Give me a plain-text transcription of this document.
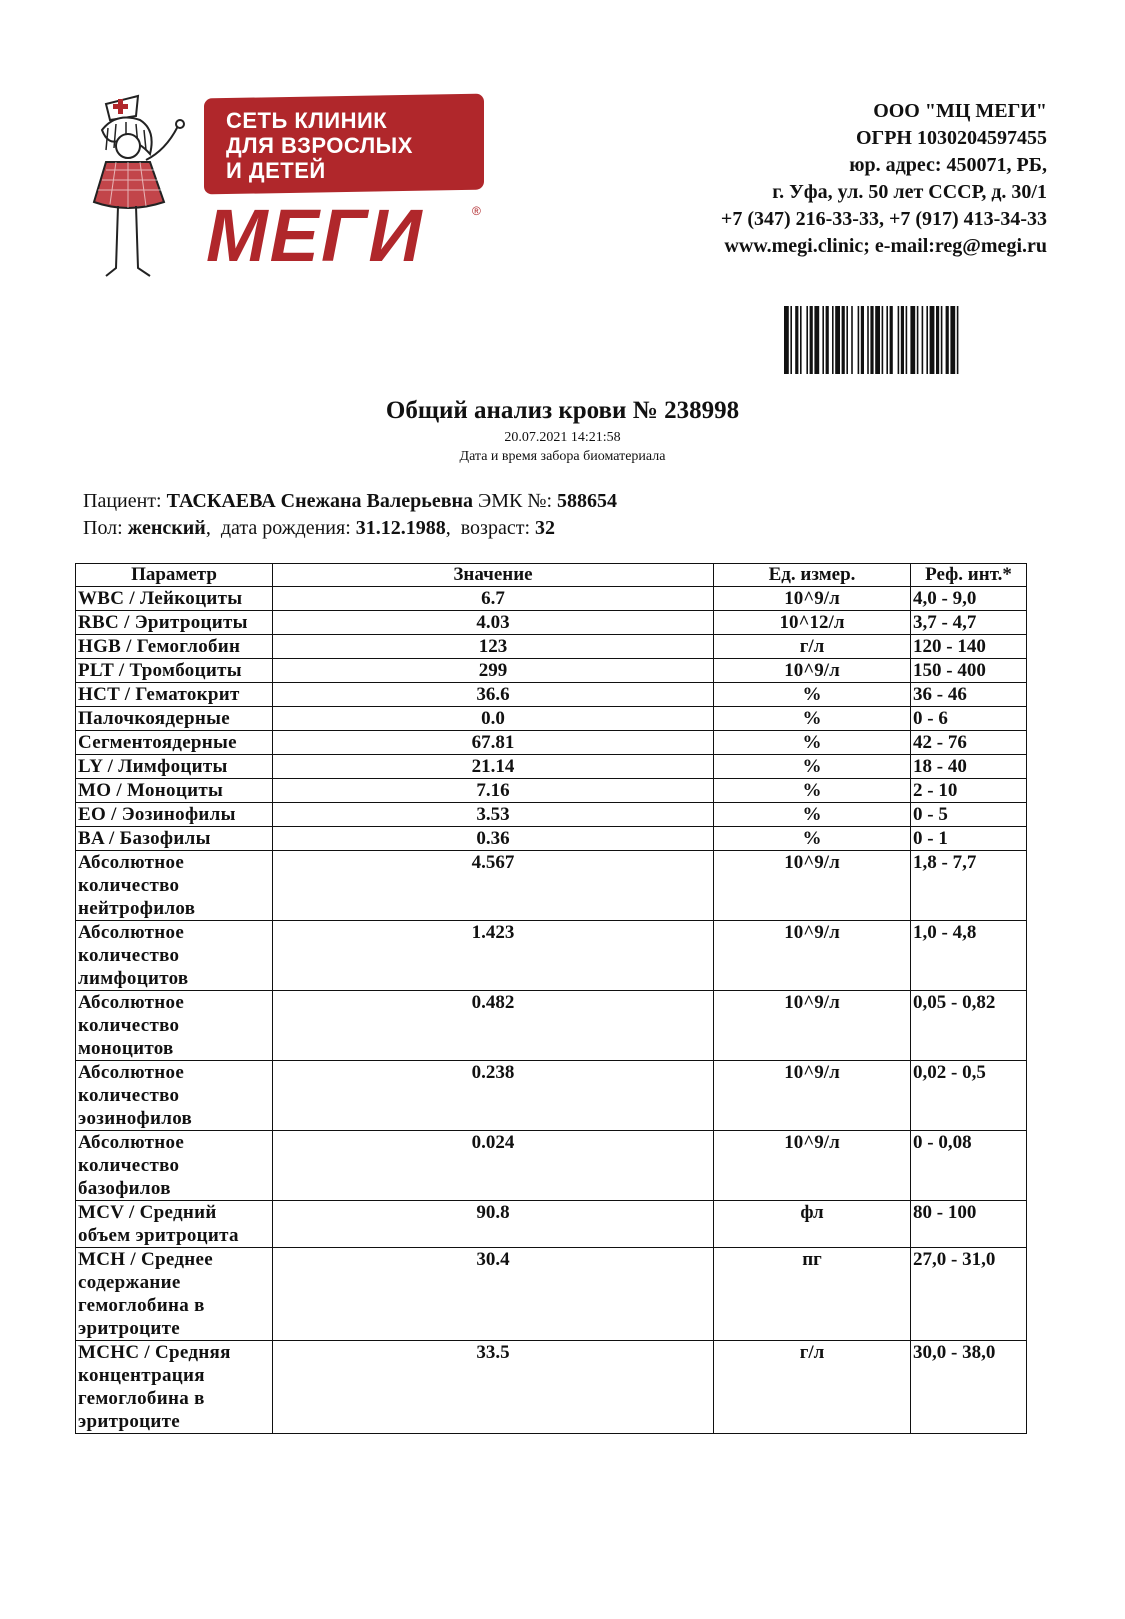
СЕТЬ КЛИНИК
ДЛЯ ВЗРОСЛЫХ
И ДЕТЕЙ
МЕГИ	®
ООО "МЦ МЕГИ"
ОГРН 1030204597455
юр. адрес: 450071, РБ,
г. Уфа, ул. 50 лет СССР, д. 30/1
+7 (347) 216-33-33, +7 (917) 413-34-33
www.megi.clinic; e-mail:reg@megi.ru
Общий анализ крови № 238998
20.07.2021 14:21:58
Дата и время забора биоматериала
Пациент: ТАСКАЕВА Снежана Валерьевна ЭМК №: 588654
Пол: женский,  дата рождения: 31.12.1988,  возраст: 32
Параметр	Значение	Ед. измер.	Реф. инт.*
WBC / Лейкоциты	6.7	10^9/л	4,0 - 9,0
RBC / Эритроциты	4.03	10^12/л	3,7 - 4,7
HGB / Гемоглобин	123	г/л	120 - 140
PLT / Тромбоциты	299	10^9/л	150 - 400
HCT / Гематокрит	36.6	%	36 - 46
Палочкоядерные	0.0	%	0 - 6
Сегментоядерные	67.81	%	42 - 76
LY / Лимфоциты	21.14	%	18 - 40
MO / Моноциты	7.16	%	2 - 10
EO / Эозинофилы	3.53	%	0 - 5
BA / Базофилы	0.36	%	0 - 1
Абсолютное количество нейтрофилов	4.567	10^9/л	1,8 - 7,7
Абсолютное количество лимфоцитов	1.423	10^9/л	1,0 - 4,8
Абсолютное количество моноцитов	0.482	10^9/л	0,05 - 0,82
Абсолютное количество эозинофилов	0.238	10^9/л	0,02 - 0,5
Абсолютное количество базофилов	0.024	10^9/л	0 - 0,08
MCV / Средний объем эритроцита	90.8	фл	80 - 100
MCH / Среднее содержание гемоглобина в эритроците	30.4	пг	27,0 - 31,0
MCHC / Средняя концентрация гемоглобина в эритроците	33.5	г/л	30,0 - 38,0
